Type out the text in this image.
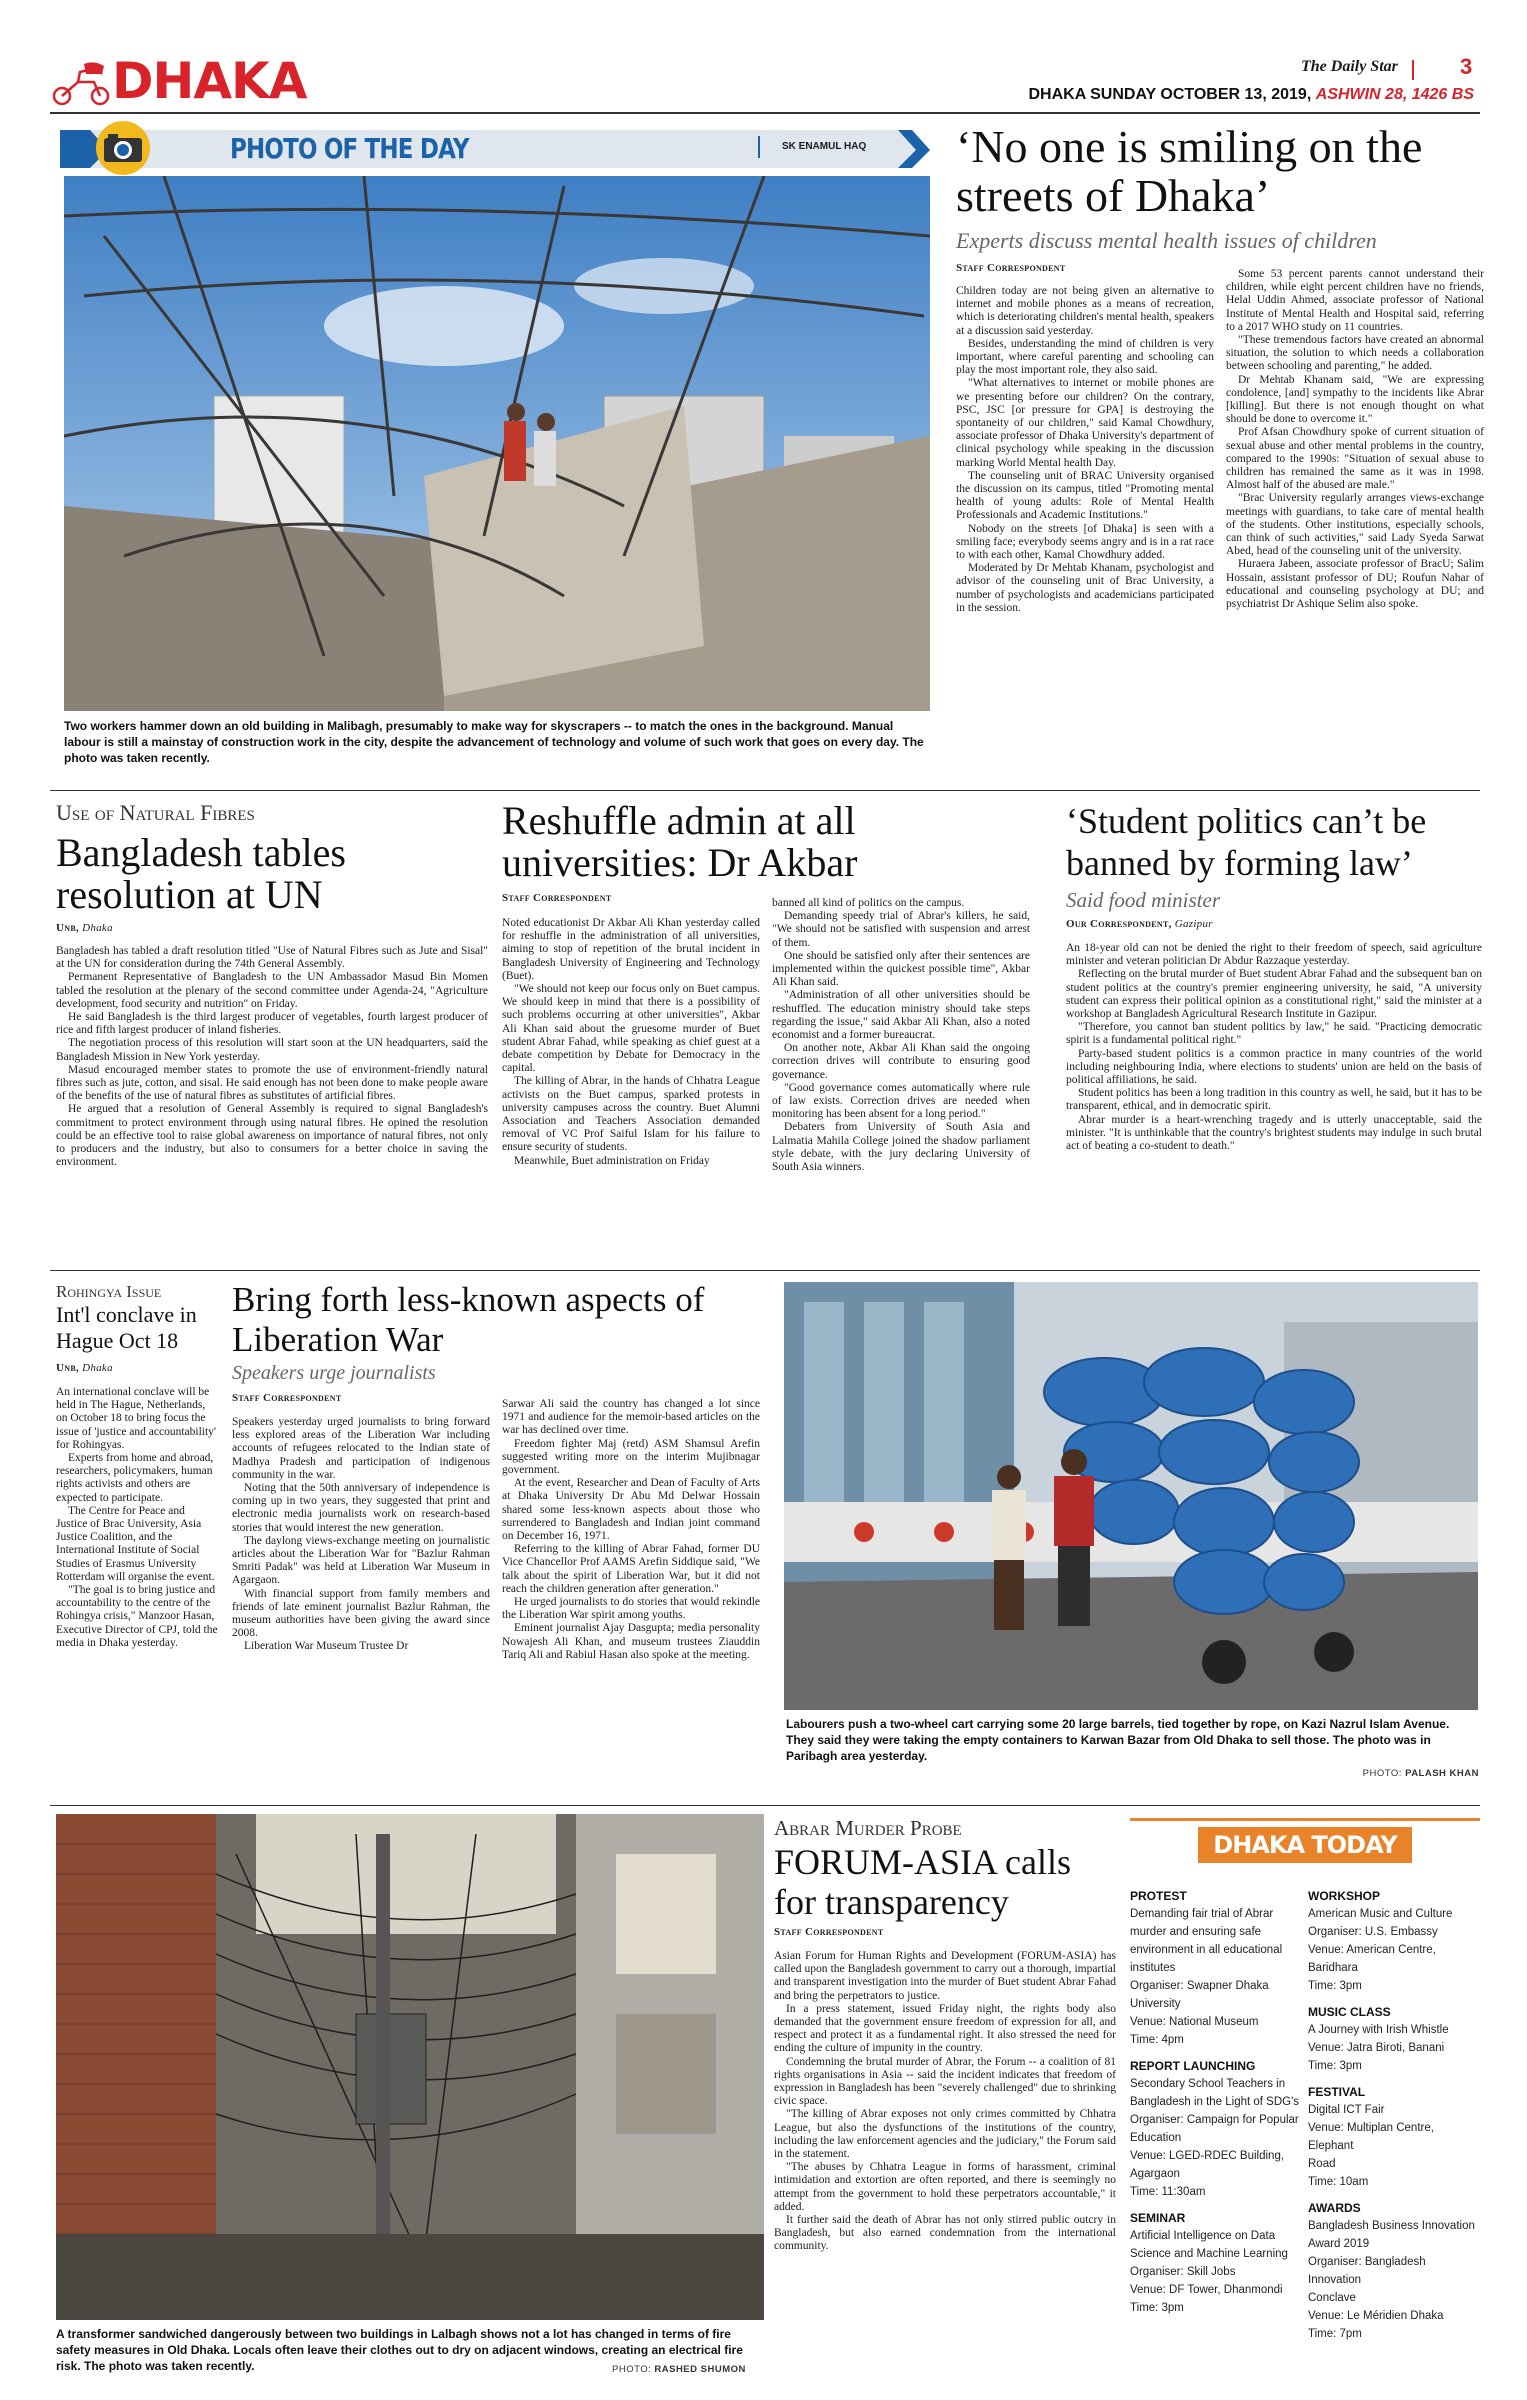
DHAKA	The Daily Star	3
DHAKA SUNDAY OCTOBER 13, 2019, ASHWIN 28, 1426 BS
PHOTO OF THE DAY	SK ENAMUL HAQ
Two workers hammer down an old building in Malibagh, presumably to make way for skyscrapers -- to match the ones in the background. Manual labour is still a mainstay of construction work in the city, despite the advancement of technology and volume of such work that goes on every day. The photo was taken recently.
‘No one is smiling on the streets of Dhaka’
Experts discuss mental health issues of children
Staff Correspondent

Children today are not being given an alternative to internet and mobile phones as a means of recreation, which is deteriorating children's mental health, speakers at a discussion said yesterday.

Besides, understanding the mind of children is very important, where careful parenting and schooling can play the most important role, they also said.

"What alternatives to internet or mobile phones are we presenting before our children? On the contrary, PSC, JSC [or pressure for GPA] is destroying the spontaneity of our children," said Kamal Chowdhury, associate professor of Dhaka University's department of clinical psychology while speaking in the discussion marking World Mental health Day.

The counseling unit of BRAC University organised the discussion on its campus, titled "Promoting mental health of young adults: Role of Mental Health Professionals and Academic Institutions."

Nobody on the streets [of Dhaka] is seen with a smiling face; everybody seems angry and is in a rat race to with each other, Kamal Chowdhury added.

Moderated by Dr Mehtab Khanam, psychologist and advisor of the counseling unit of Brac University, a number of psychologists and academicians participated in the session.

Some 53 percent parents cannot understand their children, while eight percent children have no friends, Helal Uddin Ahmed, associate professor of National Institute of Mental Health and Hospital said, referring to a 2017 WHO study on 11 countries.

"These tremendous factors have created an abnormal situation, the solution to which needs a collaboration between schooling and parenting," he added.

Dr Mehtab Khanam said, "We are expressing condolence, [and] sympathy to the incidents like Abrar [killing]. But there is not enough thought on what should be done to overcome it."

Prof Afsan Chowdhury spoke of current situation of sexual abuse and other mental problems in the country, compared to the 1990s: "Situation of sexual abuse to children has remained the same as it was in 1998. Almost half of the abused are male."

"Brac University regularly arranges views-exchange meetings with guardians, to take care of mental health of the students. Other institutions, especially schools, can think of such activities," said Lady Syeda Sarwat Abed, head of the counseling unit of the university.

Huraera Jabeen, associate professor of BracU; Salim Hossain, assistant professor of DU; Roufun Nahar of educational and counseling psychology at DU; and psychiatrist Dr Ashique Selim also spoke.

Use of Natural Fibres
Bangladesh tables resolution at UN
Unb, Dhaka

Bangladesh has tabled a draft resolution titled "Use of Natural Fibres such as Jute and Sisal" at the UN for consideration during the 74th General Assembly.

Permanent Representative of Bangladesh to the UN Ambassador Masud Bin Momen tabled the resolution at the plenary of the second committee under Agenda-24, "Agriculture development, food security and nutrition" on Friday.

He said Bangladesh is the third largest producer of vegetables, fourth largest producer of rice and fifth largest producer of inland fisheries.

The negotiation process of this resolution will start soon at the UN headquarters, said the Bangladesh Mission in New York yesterday.

Masud encouraged member states to promote the use of environment-friendly natural fibres such as jute, cotton, and sisal. He said enough has not been done to make people aware of the benefits of the use of natural fibres as substitutes of artificial fibres.

He argued that a resolution of General Assembly is required to signal Bangladesh's commitment to protect environment through using natural fibres. He opined the resolution could be an effective tool to raise global awareness on importance of natural fibres, not only to producers and the industry, but also to consumers for a better choice in saving the environment.

Reshuffle admin at all universities: Dr Akbar
Staff Correspondent

Noted educationist Dr Akbar Ali Khan yesterday called for reshuffle in the administration of all universities, aiming to stop of repetition of the brutal incident in Bangladesh University of Engineering and Technology (Buet).

"We should not keep our focus only on Buet campus. We should keep in mind that there is a possibility of such problems occurring at other universities", Akbar Ali Khan said about the gruesome murder of Buet student Abrar Fahad, while speaking as chief guest at a debate competition by Debate for Democracy in the capital.

The killing of Abrar, in the hands of Chhatra League activists on the Buet campus, sparked protests in university campuses across the country. Buet Alumni Association and Teachers Association demanded removal of VC Prof Saiful Islam for his failure to ensure security of students.

Meanwhile, Buet administration on Friday

banned all kind of politics on the campus.

Demanding speedy trial of Abrar's killers, he said, "We should not be satisfied with suspension and arrest of them.

One should be satisfied only after their sentences are implemented within the quickest possible time", Akbar Ali Khan said.

"Administration of all other universities should be reshuffled. The education ministry should take steps regarding the issue," said Akbar Ali Khan, also a noted economist and a former bureaucrat.

On another note, Akbar Ali Khan said the ongoing correction drives will contribute to ensuring good governance.

"Good governance comes automatically where rule of law exists. Correction drives are needed when monitoring has been absent for a long period."

Debaters from University of South Asia and Lalmatia Mahila College joined the shadow parliament style debate, with the jury declaring University of South Asia winners.

‘Student politics can’t be banned by forming law’
Said food minister
Our Correspondent, Gazipur

An 18-year old can not be denied the right to their freedom of speech, said agriculture minister and veteran politician Dr Abdur Razzaque yesterday.

Reflecting on the brutal murder of Buet student Abrar Fahad and the subsequent ban on student politics at the country's premier engineering university, he said, "A university student can express their political opinion as a constitutional right," said the minister at a workshop at Bangladesh Agricultural Research Institute in Gazipur.

"Therefore, you cannot ban student politics by law," he said. "Practicing democratic spirit is a fundamental political right."

Party-based student politics is a common practice in many countries of the world including neighbouring India, where elections to students' union are held on the basis of political affiliations, he said.

Student politics has been a long tradition in this country as well, he said, but it has to be transparent, ethical, and in democratic spirit.

Abrar murder is a heart-wrenching tragedy and is utterly unacceptable, said the minister. "It is unthinkable that the country's brightest students may indulge in such brutal act of beating a co-student to death."

Rohingya Issue
Int'l conclave in Hague Oct 18
Unb, Dhaka

An international conclave will be held in The Hague, Netherlands, on October 18 to bring focus the issue of 'justice and accountability' for Rohingyas.

Experts from home and abroad, researchers, policymakers, human rights activists and others are expected to participate.

The Centre for Peace and Justice of Brac University, Asia Justice Coalition, and the International Institute of Social Studies of Erasmus University Rotterdam will organise the event.

"The goal is to bring justice and accountability to the centre of the Rohingya crisis," Manzoor Hasan, Executive Director of CPJ, told the media in Dhaka yesterday.

Bring forth less-known aspects of Liberation War
Speakers urge journalists
Staff Correspondent

Speakers yesterday urged journalists to bring forward less explored areas of the Liberation War including accounts of refugees relocated to the Indian state of Madhya Pradesh and participation of indigenous community in the war.

Noting that the 50th anniversary of independence is coming up in two years, they suggested that print and electronic media journalists work on research-based stories that would interest the new generation.

The daylong views-exchange meeting on journalistic articles about the Liberation War for "Bazlur Rahman Smriti Padak" was held at Liberation War Museum in Agargaon.

With financial support from family members and friends of late eminent journalist Bazlur Rahman, the museum authorities have been giving the award since 2008.

Liberation War Museum Trustee Dr

Sarwar Ali said the country has changed a lot since 1971 and audience for the memoir-based articles on the war has declined over time.

Freedom fighter Maj (retd) ASM Shamsul Arefin suggested writing more on the interim Mujibnagar government.

At the event, Researcher and Dean of Faculty of Arts at Dhaka University Dr Abu Md Delwar Hossain shared some less-known aspects about those who surrendered to Bangladesh and Indian joint command on December 16, 1971.

Referring to the killing of Abrar Fahad, former DU Vice Chancellor Prof AAMS Arefin Siddique said, "We talk about the spirit of Liberation War, but it did not reach the children generation after generation."

He urged journalists to do stories that would rekindle the Liberation War spirit among youths.

Eminent journalist Ajay Dasgupta; media personality Nowajesh Ali Khan, and museum trustees Ziauddin Tariq Ali and Rabiul Hasan also spoke at the meeting.

Labourers push a two-wheel cart carrying some 20 large barrels, tied together by rope, on Kazi Nazrul Islam Avenue. They said they were taking the empty containers to Karwan Bazar from Old Dhaka to sell those. The photo was in Paribagh area yesterday.
PHOTO: PALASH KHAN
A transformer sandwiched dangerously between two buildings in Lalbagh shows not a lot has changed in terms of fire safety measures in Old Dhaka. Locals often leave their clothes out to dry on adjacent windows, creating an electrical fire risk. The photo was taken recently.	PHOTO: RASHED SHUMON
Abrar Murder Probe
FORUM-ASIA calls for transparency
Staff Correspondent

Asian Forum for Human Rights and Development (FORUM-ASIA) has called upon the Bangladesh government to carry out a thorough, impartial and transparent investigation into the murder of Buet student Abrar Fahad and bring the perpetrators to justice.

In a press statement, issued Friday night, the rights body also demanded that the government ensure freedom of expression for all, and respect and protect it as a fundamental right. It also stressed the need for ending the culture of impunity in the country.

Condemning the brutal murder of Abrar, the Forum -- a coalition of 81 rights organisations in Asia -- said the incident indicates that freedom of expression in Bangladesh has been "severely challenged" due to shrinking civic space.

"The killing of Abrar exposes not only crimes committed by Chhatra League, but also the dysfunctions of the institutions of the country, including the law enforcement agencies and the judiciary," the Forum said in the statement.

"The abuses by Chhatra League in forms of harassment, criminal intimidation and extortion are often reported, and there is seemingly no attempt from the government to hold these perpetrators accountable," it added.

It further said the death of Abrar has not only stirred public outcry in Bangladesh, but also earned condemnation from the international community.

DHAKA TODAY
PROTEST
Demanding fair trial of Abrar
murder and ensuring safe
environment in all educational
institutes
Organiser: Swapner Dhaka
University
Venue: National Museum
Time: 4pm
REPORT LAUNCHING
Secondary School Teachers in
Bangladesh in the Light of SDG's
Organiser: Campaign for Popular
Education
Venue: LGED-RDEC Building,
Agargaon
Time: 11:30am
SEMINAR
Artificial Intelligence on Data
Science and Machine Learning
Organiser: Skill Jobs
Venue: DF Tower, Dhanmondi
Time: 3pm
WORKSHOP
American Music and Culture
Organiser: U.S. Embassy
Venue: American Centre,
Baridhara
Time: 3pm
MUSIC CLASS
A Journey with Irish Whistle
Venue: Jatra Biroti, Banani
Time: 3pm
FESTIVAL
Digital ICT Fair
Venue: Multiplan Centre, Elephant
Road
Time: 10am
AWARDS
Bangladesh Business Innovation
Award 2019
Organiser: Bangladesh Innovation
Conclave
Venue: Le Méridien Dhaka
Time: 7pm
